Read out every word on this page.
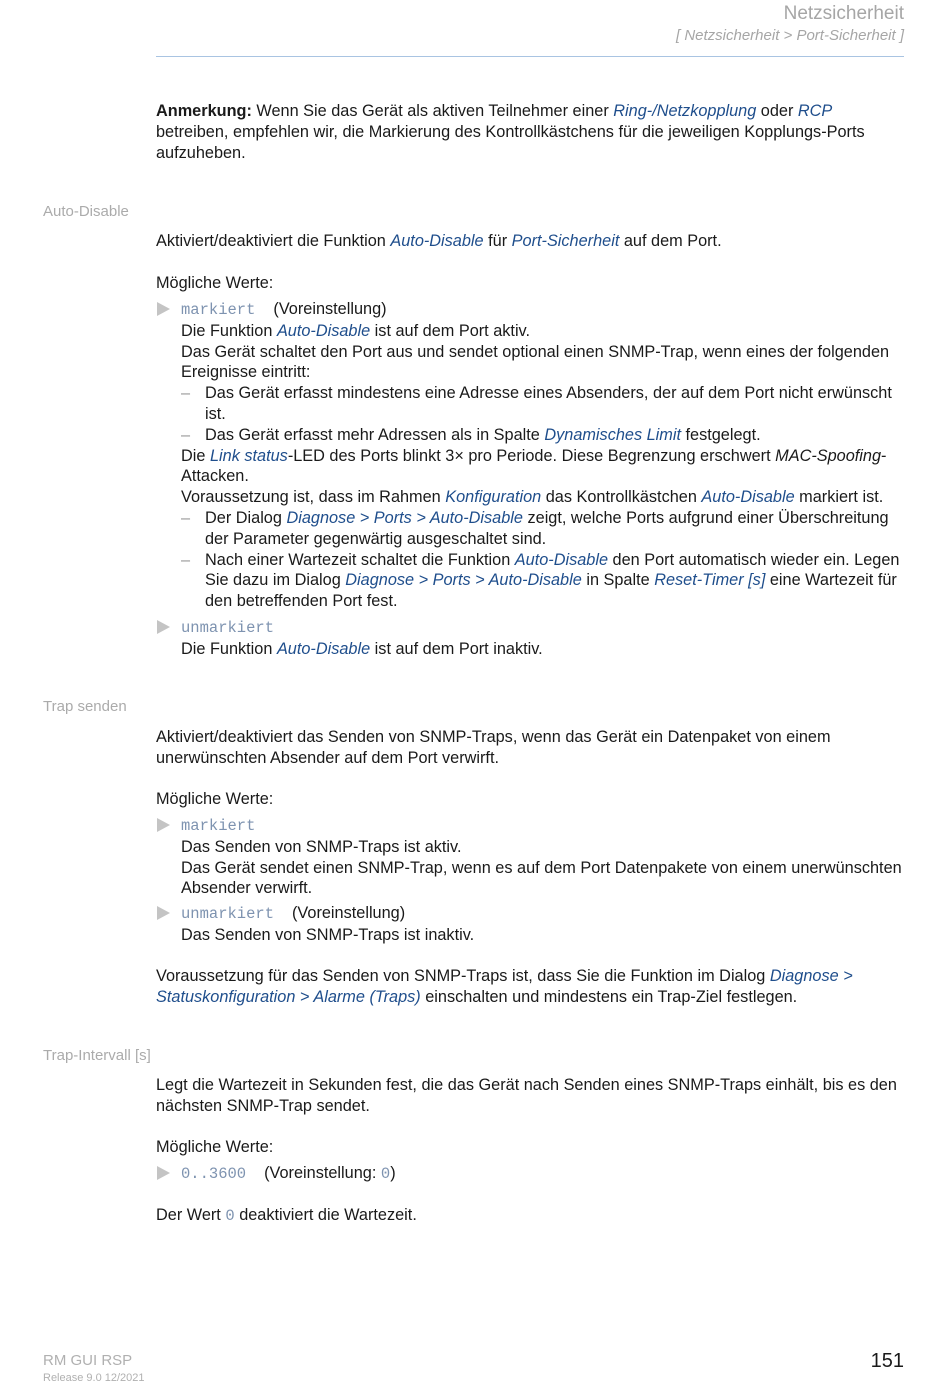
Netzsicherheit
[ Netzsicherheit > Port-Sicherheit ]

Anmerkung: Wenn Sie das Gerät als aktiven Teilnehmer einer Ring-/Netzkopplung oder RCP betreiben, empfehlen wir, die Markierung des Kontrollkästchens für die jeweiligen Kopplungs-Ports aufzuheben.

Auto-Disable

Aktiviert/deaktiviert die Funktion Auto-Disable für Port-Sicherheit auf dem Port.

Mögliche Werte:
markiert (Voreinstellung)

Die Funktion Auto-Disable ist auf dem Port aktiv.

Das Gerät schaltet den Port aus und sendet optional einen SNMP-Trap, wenn eines der folgenden Ereignisse eintritt:

– Das Gerät erfasst mindestens eine Adresse eines Absenders, der auf dem Port nicht erwünscht ist.
– Das Gerät erfasst mehr Adressen als in Spalte Dynamisches Limit festgelegt.

Die Link status-LED des Ports blinkt 3× pro Periode. Diese Begrenzung erschwert MAC-Spoofing-Attacken.

Voraussetzung ist, dass im Rahmen Konfiguration das Kontrollkästchen Auto-Disable markiert ist.

– Der Dialog Diagnose > Ports > Auto-Disable zeigt, welche Ports aufgrund einer Überschreitung der Parameter gegenwärtig ausgeschaltet sind.
– Nach einer Wartezeit schaltet die Funktion Auto-Disable den Port automatisch wieder ein. Legen Sie dazu im Dialog Diagnose > Ports > Auto-Disable in Spalte Reset-Timer [s] eine Wartezeit für den betreffenden Port fest.
unmarkiert

Die Funktion Auto-Disable ist auf dem Port inaktiv.

Trap senden
Aktiviert/deaktiviert das Senden von SNMP-Traps, wenn das Gerät ein Datenpaket von einem unerwünschten Absender auf dem Port verwirft.
Mögliche Werte:
markiert

Das Senden von SNMP-Traps ist aktiv.

Das Gerät sendet einen SNMP-Trap, wenn es auf dem Port Datenpakete von einem unerwünschten Absender verwirft.

unmarkiert (Voreinstellung)

Das Senden von SNMP-Traps ist inaktiv.

Voraussetzung für das Senden von SNMP-Traps ist, dass Sie die Funktion im Dialog Diagnose > Statuskonfiguration > Alarme (Traps) einschalten und mindestens ein Trap-Ziel festlegen.

Trap-Intervall [s]
Legt die Wartezeit in Sekunden fest, die das Gerät nach Senden eines SNMP-Traps einhält, bis es den nächsten SNMP-Trap sendet.
Mögliche Werte:
0..3600 (Voreinstellung: 0)

Der Wert 0 deaktiviert die Wartezeit.

RM GUI RSP
Release 9.0 12/2021
151
